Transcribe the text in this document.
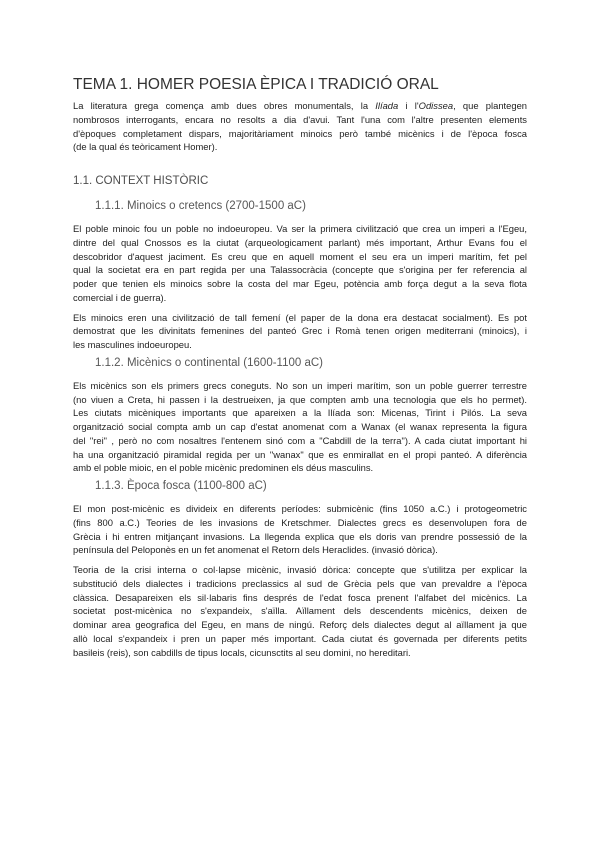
TEMA 1. HOMER POESIA ÈPICA I TRADICIÓ ORAL
La literatura grega comença amb dues obres monumentals, la Ilíada i l'Odissea, que plantegen
nombrosos interrogants, encara no resolts a dia d'avui. Tant l'una com l'altre presenten elements
d'èpoques completament dispars, majoritàriament minoics però també micènics i de l'època fosca
(de la qual és teòricament Homer).
1.1. CONTEXT HISTÒRIC
1.1.1. Minoics o cretencs (2700-1500 aC)
El poble minoic fou un poble no indoeuropeu. Va ser la primera civilització que crea un imperi a l'Egeu,
dintre del qual Cnossos es la ciutat (arqueologicament parlant) més important, Arthur Evans fou el
descobridor d'aquest jaciment. Es creu que en aquell moment el seu era un imperi marítim, fet pel
qual la societat era en part regida per una Talassocràcia (concepte que s'origina per fer referencia al
poder que tenien els minoics sobre la costa del mar Egeu, potència amb força degut a la seva flota
comercial i de guerra).
Els minoics eren una civilització de tall femení (el paper de la dona era destacat socialment). Es pot
demostrat que les divinitats femenines del panteó Grec i Romà tenen origen mediterrani (minoics), i
les masculines indoeuropeu.
1.1.2. Micènics o continental (1600-1100 aC)
Els micènics son els primers grecs coneguts. No son un imperi marítim, son un poble guerrer terrestre
(no viuen a Creta, hi passen i la destrueixen, ja que compten amb una tecnologia que els ho permet).
Les ciutats micèniques importants que apareixen a la Ilíada son: Micenas, Tirint i Pilós. La seva
organització social compta amb un cap d'estat anomenat com a Wanax (el wanax representa la figura
del "rei" , però no com nosaltres l'entenem sinó com a "Cabdill de la terra"). A cada ciutat important hi
ha una organització piramidal regida per un "wanax" que es enmirallat en el propi panteó. A diferència
amb el poble mioic, en el poble micènic predominen els déus masculins.
1.1.3. Època fosca (1100-800 aC)
El mon post-micènic es divideix en diferents períodes: submicènic (fins 1050 a.C.) i protogeometric
(fins 800 a.C.) Teories de les invasions de Kretschmer. Dialectes grecs es desenvolupen fora de
Grècia i hi entren mitjançant invasions. La llegenda explica que els doris van prendre possessió de la
península del Peloponès en un fet anomenat el Retorn dels Heraclides. (invasió dòrica).
Teoria de la crisi interna o col·lapse micènic, invasió dòrica: concepte que s'utilitza per explicar la
substitució dels dialectes i tradicions preclassics al sud de Grècia pels que van prevaldre a l'època
clàssica. Desapareixen els sil·labaris fins després de l'edat fosca prenent l'alfabet del micènics. La
societat post-micènica no s'expandeix, s'aïlla. Aïllament dels descendents micènics, deixen de
dominar area geografica del Egeu, en mans de ningú. Reforç dels dialectes degut al aïllament ja que
allò local s'expandeix i pren un paper més important. Cada ciutat és governada per diferents petits
basileis (reis), son cabdills de tipus locals, cicunsctits al seu domini, no hereditari.
